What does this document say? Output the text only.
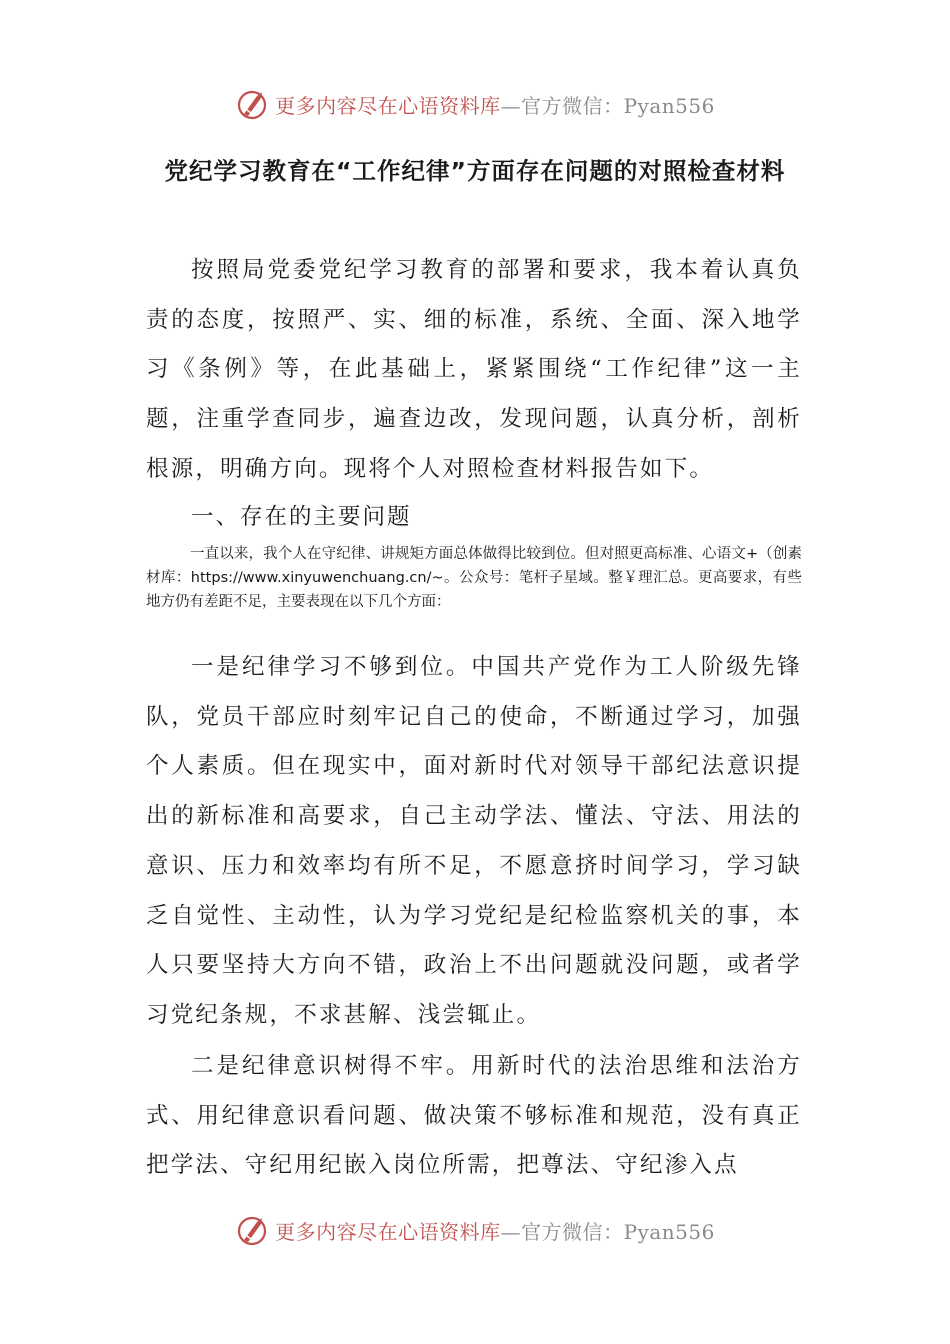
更多内容尽在心语资料库—官方微信：Pyan556
党纪学习教育在“工作纪律”方面存在问题的对照检查材料

按照局党委党纪学习教育的部署和要求，我本着认真负责的态度，按照严、实、细的标准，系统、全面、深入地学习《条例》等，在此基础上，紧紧围绕“工作纪律”这一主题，注重学查同步，遍查边改，发现问题，认真分析，剖析根源，明确方向。现将个人对照检查材料报告如下。

一、存在的主要问题

一直以来，我个人在守纪律、讲规矩方面总体做得比较到位。但对照更高标准、心语文+（创素材库：https://www.xinyuwenchuang.cn/~。公众号：笔杆子星域。整￥理汇总。更高要求，有些地方仍有差距不足，主要表现在以下几个方面：

一是纪律学习不够到位。中国共产党作为工人阶级先锋队，党员干部应时刻牢记自己的使命，不断通过学习，加强个人素质。但在现实中，面对新时代对领导干部纪法意识提出的新标准和高要求，自己主动学法、懂法、守法、用法的意识、压力和效率均有所不足，不愿意挤时间学习，学习缺乏自觉性、主动性，认为学习党纪是纪检监察机关的事，本人只要坚持大方向不错，政治上不出问题就没问题，或者学习党纪条规，不求甚解、浅尝辄止。

二是纪律意识树得不牢。用新时代的法治思维和法治方式、用纪律意识看问题、做决策不够标准和规范，没有真正把学法、守纪用纪嵌入岗位所需，把尊法、守纪渗入点

更多内容尽在心语资料库—官方微信：Pyan556
